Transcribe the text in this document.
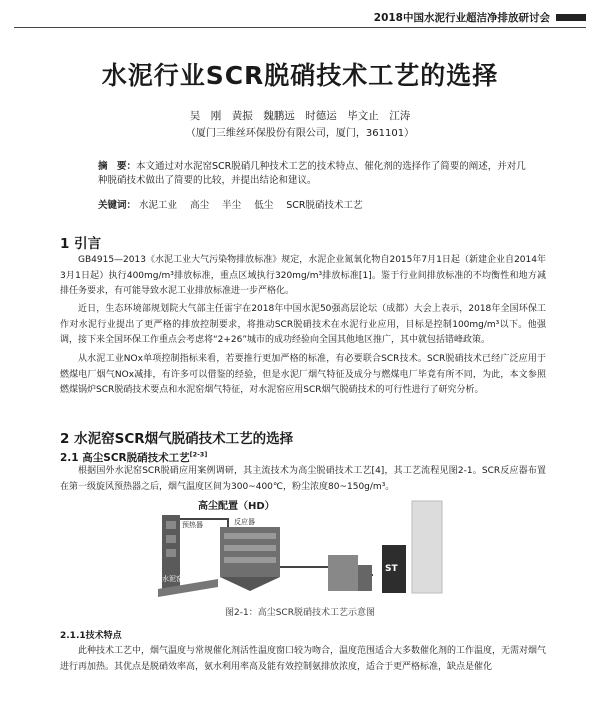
2018中国水泥行业超洁净排放研讨会
水泥行业SCR脱硝技术工艺的选择
吴　刚　黄振　魏鹏远　时德运　毕文止　江涛
（厦门三维丝环保股份有限公司，厦门，361101）
摘　要：本文通过对水泥窑SCR脱硝几种技术工艺的技术特点、催化剂的选择作了简要的阐述，并对几种脱硝技术做出了简要的比较，并提出结论和建议。
关键词： 水泥工业 高尘 半尘 低尘 SCR脱硝技术工艺
1 引言
GB4915—2013《水泥工业大气污染物排放标准》规定，水泥企业氮氧化物自2015年7月1日起（新建企业自2014年3月1日起）执行400mg/m³排放标准，重点区域执行320mg/m³排放标准[1]。鉴于行业间排放标准的不均衡性和地方减排任务要求，有可能导致水泥工业排放标准进一步严格化。
近日，生态环境部规划院大气部主任雷宇在2018年中国水泥50强高层论坛（成都）大会上表示，2018年全国环保工作对水泥行业提出了更严格的排放控制要求，将推动SCR脱硝技术在水泥行业应用，目标是控制100mg/m³以下。他强调，接下来全国环保工作重点会考虑将“2+26”城市的成功经验向全国其他地区推广，其中就包括错峰政策。
从水泥工业NOx单项控制指标来看，若要推行更加严格的标准，有必要联合SCR技术。SCR脱硝技术已经广泛应用于燃煤电厂烟气NOx减排，有许多可以借鉴的经验，但是水泥厂烟气特征及成分与燃煤电厂毕竟有所不同，为此，本文参照燃煤锅炉SCR脱硝技术要点和水泥窑烟气特征，对水泥窑应用SCR烟气脱硝技术的可行性进行了研究分析。
2 水泥窑SCR烟气脱硝技术工艺的选择
2.1 高尘SCR脱硝技术工艺[2-3]
根据国外水泥窑SCR脱硝应用案例调研，其主流技术为高尘脱硝技术工艺[4]，其工艺流程见图2-1。SCR反应器布置在第一级旋风预热器之后，烟气温度区间为300~400℃，粉尘浓度80~150g/m³。
高尘配置（HD）
预热器
水泥窑
反应器
ST
图2-1：高尘SCR脱硝技术工艺示意图
2.1.1技术特点
此种技术工艺中，烟气温度与常规催化剂活性温度窗口较为吻合，温度范围适合大多数催化剂的工作温度，无需对烟气进行再加热。其优点是脱硝效率高，氨水利用率高及能有效控制氨排放浓度，适合于更严格标准，缺点是催化
